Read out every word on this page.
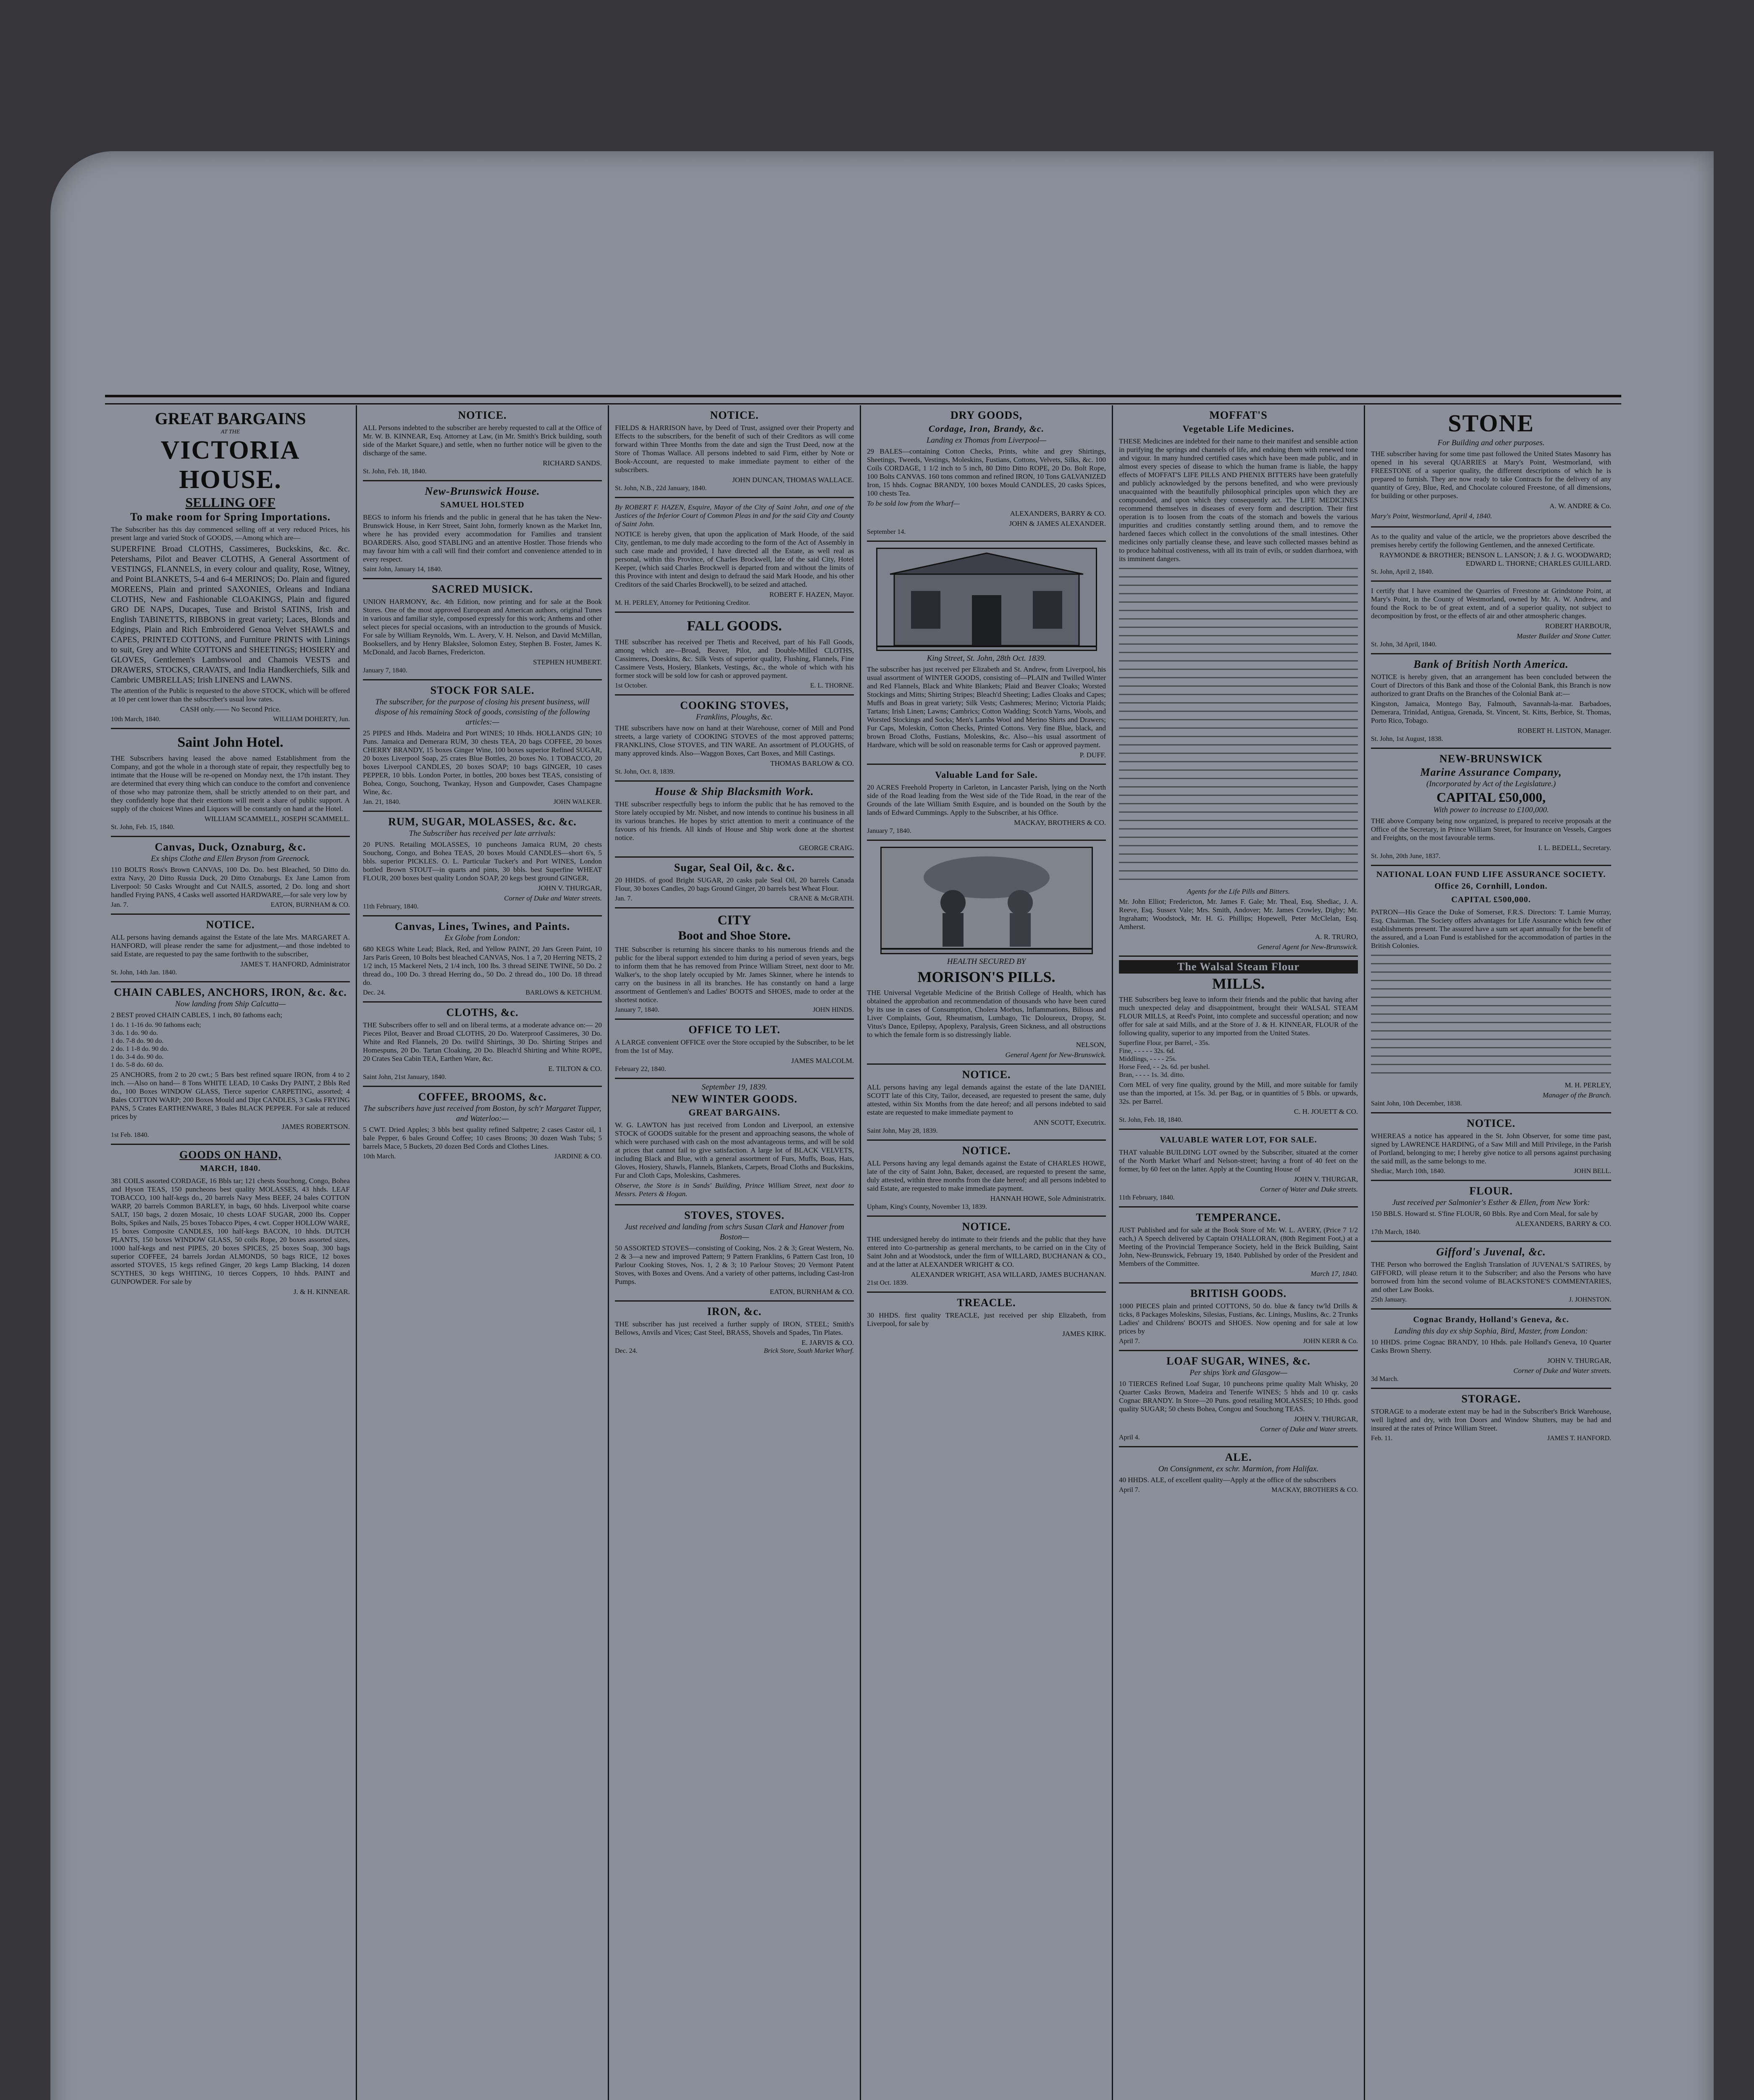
GREAT BARGAINS
AT THE
VICTORIA HOUSE.
SELLING OFF
To make room for Spring Importations.
The Subscriber has this day commenced selling off at very reduced Prices, his present large and varied Stock of GOODS, —Among which are—
SUPERFINE Broad CLOTHS, Cassimeres, Buckskins, &c. &c. Petershams, Pilot and Beaver CLOTHS, A General Assortment of VESTINGS, FLANNELS, in every colour and quality, Rose, Witney, and Point BLANKETS, 5-4 and 6-4 MERINOS; Do. Plain and figured MOREENS, Plain and printed SAXONIES, Orleans and Indiana CLOTHS, New and Fashionable CLOAKINGS, Plain and figured GRO DE NAPS, Ducapes, Tuse and Bristol SATINS, Irish and English TABINETTS, RIBBONS in great variety; Laces, Blonds and Edgings, Plain and Rich Embroidered Genoa Velvet SHAWLS and CAPES, PRINTED COTTONS, and Furniture PRINTS with Linings to suit, Grey and White COTTONS and SHEETINGS; HOSIERY and GLOVES, Gentlemen's Lambswool and Chamois VESTS and DRAWERS, STOCKS, CRAVATS, and India Handkerchiefs, Silk and Cambric UMBRELLAS; Irish LINENS and LAWNS.
The attention of the Public is requested to the above STOCK, which will be offered at 10 per cent lower than the subscriber's usual low rates.
CASH only.—— No Second Price.
10th March, 1840.	WILLIAM DOHERTY, Jun.
Saint John Hotel.
THE Subscribers having leased the above named Establishment from the Company, and got the whole in a thorough state of repair, they respectfully beg to intimate that the House will be re-opened on Monday next, the 17th instant. They are determined that every thing which can conduce to the comfort and convenience of those who may patronize them, shall be strictly attended to on their part, and they confidently hope that their exertions will merit a share of public support. A supply of the choicest Wines and Liquors will be constantly on hand at the Hotel.
WILLIAM SCAMMELL, JOSEPH SCAMMELL.
St. John, Feb. 15, 1840.
Canvas, Duck, Oznaburg, &c.
Ex ships Clothe and Ellen Bryson from Greenock.
110 BOLTS Ross's Brown CANVAS, 100 Do. Do. best Bleached, 50 Ditto do. extra Navy, 20 Ditto Russia Duck, 20 Ditto Oznaburgs. Ex Jane Lamon from Liverpool: 50 Casks Wrought and Cut NAILS, assorted, 2 Do. long and short handled Frying PANS, 4 Casks well assorted HARDWARE,—for sale very low by
Jan. 7.	EATON, BURNHAM & CO.
NOTICE.
ALL persons having demands against the Estate of the late Mrs. MARGARET A. HANFORD, will please render the same for adjustment,—and those indebted to said Estate, are requested to pay the same forthwith to the subscriber,
JAMES T. HANFORD, Administrator
St. John, 14th Jan. 1840.
CHAIN CABLES, ANCHORS, IRON, &c. &c.
Now landing from Ship Calcutta—
2 BEST proved CHAIN CABLES, 1 inch, 80 fathoms each;
1 do. 1 1-16 do. 90 fathoms each;
3 do. 1 do. 90 do.
1 do. 7-8 do. 90 do.
2 do. 1 1-8 do. 90 do.
1 do. 3-4 do. 90 do.
1 do. 5-8 do. 60 do.
25 ANCHORS, from 2 to 20 cwt.; 5 Bars best refined square IRON, from 4 to 2 inch. —Also on hand— 8 Tons WHITE LEAD, 10 Casks Dry PAINT, 2 Bbls Red do., 100 Boxes WINDOW GLASS, Tierce superior CARPETING, assorted; 4 Bales COTTON WARP; 200 Boxes Mould and Dipt CANDLES, 3 Casks FRYING PANS, 5 Crates EARTHENWARE, 3 Bales BLACK PEPPER. For sale at reduced prices by
JAMES ROBERTSON.
1st Feb. 1840.
GOODS ON HAND,
MARCH, 1840.
381 COILS assorted CORDAGE, 16 Bbls tar; 121 chests Souchong, Congo, Bohea and Hyson TEAS, 150 puncheons best quality MOLASSES, 43 hhds. LEAF TOBACCO, 100 half-kegs do., 20 barrels Navy Mess BEEF, 24 bales COTTON WARP, 20 barrels Common BARLEY, in bags, 60 hhds. Liverpool white coarse SALT, 150 bags, 2 dozen Mosaic, 10 chests LOAF SUGAR, 2000 lbs. Copper Bolts, Spikes and Nails, 25 boxes Tobacco Pipes, 4 cwt. Copper HOLLOW WARE, 15 boxes Composite CANDLES, 100 half-kegs BACON, 10 hhds. DUTCH PLANTS, 150 boxes WINDOW GLASS, 50 coils Rope, 20 boxes assorted sizes, 1000 half-kegs and nest PIPES, 20 boxes SPICES, 25 boxes Soap, 300 bags superior COFFEE, 24 barrels Jordan ALMONDS, 50 bags RICE, 12 boxes assorted STOVES, 15 kegs refined Ginger, 20 kegs Lamp Blacking, 14 dozen SCYTHES, 30 kegs WHITING, 10 tierces Coppers, 10 hhds. PAINT and GUNPOWDER. For sale by
J. & H. KINNEAR.
NOTICE.
ALL Persons indebted to the subscriber are hereby requested to call at the Office of Mr. W. B. KINNEAR, Esq. Attorney at Law, (in Mr. Smith's Brick building, south side of the Market Square,) and settle, when no further notice will be given to the discharge of the same.
RICHARD SANDS.
St. John, Feb. 18, 1840.
New-Brunswick House.
SAMUEL HOLSTED
BEGS to inform his friends and the public in general that he has taken the New-Brunswick House, in Kerr Street, Saint John, formerly known as the Market Inn, where he has provided every accommodation for Families and transient BOARDERS. Also, good STABLING and an attentive Hostler. Those friends who may favour him with a call will find their comfort and convenience attended to in every respect.
Saint John, January 14, 1840.
SACRED MUSICK.
UNION HARMONY, &c. 4th Edition, now printing and for sale at the Book Stores. One of the most approved European and American authors, original Tunes in various and familiar style, composed expressly for this work; Anthems and other select pieces for special occasions, with an introduction to the grounds of Musick. For sale by William Reynolds, Wm. L. Avery, V. H. Nelson, and David McMillan, Booksellers, and by Henry Blakslee, Solomon Estey, Stephen B. Foster, James K. McDonald, and Jacob Barnes, Fredericton.
STEPHEN HUMBERT.
January 7, 1840.
STOCK FOR SALE.
The subscriber, for the purpose of closing his present business, will dispose of his remaining Stock of goods, consisting of the following articles:—
25 PIPES and Hhds. Madeira and Port WINES; 10 Hhds. HOLLANDS GIN; 10 Puns. Jamaica and Demerara RUM, 30 chests TEA, 20 bags COFFEE, 20 boxes CHERRY BRANDY, 15 boxes Ginger Wine, 100 boxes superior Refined SUGAR, 20 boxes Liverpool Soap, 25 crates Blue Bottles, 20 boxes No. 1 TOBACCO, 20 boxes Liverpool CANDLES, 20 boxes SOAP; 10 bags GINGER, 10 cases PEPPER, 10 bbls. London Porter, in bottles, 200 boxes best TEAS, consisting of Bohea, Congo, Souchong, Twankay, Hyson and Gunpowder, Cases Champagne Wine, &c.
Jan. 21, 1840.	JOHN WALKER.
RUM, SUGAR, MOLASSES, &c. &c.
The Subscriber has received per late arrivals:
20 PUNS. Retailing MOLASSES, 10 puncheons Jamaica RUM, 20 chests Souchong, Congo, and Bohea TEAS, 20 boxes Mould CANDLES—short 6's, 5 bbls. superior PICKLES. O. L. Particular Tucker's and Port WINES, London bottled Brown STOUT—in quarts and pints, 30 bbls. best Superfine WHEAT FLOUR, 200 boxes best quality London SOAP, 20 kegs best ground GINGER,
JOHN V. THURGAR,
Corner of Duke and Water streets.
11th February, 1840.
Canvas, Lines, Twines, and Paints.
Ex Globe from London:
680 KEGS White Lead; Black, Red, and Yellow PAINT, 20 Jars Green Paint, 10 Jars Paris Green, 10 Bolts best bleached CANVAS, Nos. 1 a 7, 20 Herring NETS, 2 1/2 inch, 15 Mackerel Nets, 2 1/4 inch, 100 lbs. 3 thread SEINE TWINE, 50 Do. 2 thread do., 100 Do. 3 thread Herring do., 50 Do. 2 thread do., 100 Do. 18 thread do.
Dec. 24.	BARLOWS & KETCHUM.
CLOTHS, &c.
THE Subscribers offer to sell and on liberal terms, at a moderate advance on:— 20 Pieces Pilot, Beaver and Broad CLOTHS, 20 Do. Waterproof Cassimeres, 30 Do. White and Red Flannels, 20 Do. twill'd Shirtings, 30 Do. Shirting Stripes and Homespuns, 20 Do. Tartan Cloaking, 20 Do. Bleach'd Shirting and White ROPE, 20 Crates Sea Cabin TEA, Earthen Ware, &c.
E. TILTON & CO.
Saint John, 21st January, 1840.
COFFEE, BROOMS, &c.
The subscribers have just received from Boston, by sch'r Margaret Tupper, and Waterloo:—
5 CWT. Dried Apples; 3 bbls best quality refined Saltpetre; 2 cases Castor oil, 1 bale Pepper, 6 bales Ground Coffee; 10 cases Broons; 30 dozen Wash Tubs; 5 barrels Mace, 5 Buckets, 20 dozen Bed Cords and Clothes Lines.
10th March.	JARDINE & CO.
NOTICE.
FIELDS & HARRISON have, by Deed of Trust, assigned over their Property and Effects to the subscribers, for the benefit of such of their Creditors as will come forward within Three Months from the date and sign the Trust Deed, now at the Store of Thomas Wallace. All persons indebted to said Firm, either by Note or Book-Account, are requested to make immediate payment to either of the subscribers.
JOHN DUNCAN, THOMAS WALLACE.
St. John, N.B., 22d January, 1840.
By ROBERT F. HAZEN, Esquire, Mayor of the City of Saint John, and one of the Justices of the Inferior Court of Common Pleas in and for the said City and County of Saint John.
NOTICE is hereby given, that upon the application of Mark Hoode, of the said City, gentleman, to me duly made according to the form of the Act of Assembly in such case made and provided, I have directed all the Estate, as well real as personal, within this Province, of Charles Brockwell, late of the said City, Hotel Keeper, (which said Charles Brockwell is departed from and without the limits of this Province with intent and design to defraud the said Mark Hoode, and his other Creditors of the said Charles Brockwell), to be seized and attached.
ROBERT F. HAZEN, Mayor.
M. H. PERLEY, Attorney for Petitioning Creditor.
FALL GOODS.
THE subscriber has received per Thetis and Received, part of his Fall Goods, among which are—Broad, Beaver, Pilot, and Double-Milled CLOTHS, Cassimeres, Doeskins, &c. Silk Vests of superior quality, Flushing, Flannels, Fine Cassimere Vests, Hosiery, Blankets, Vestings, &c., the whole of which with his former stock will be sold low for cash or approved payment.
1st October.	E. L. THORNE.
COOKING STOVES,
Franklins, Ploughs, &c.
THE subscribers have now on hand at their Warehouse, corner of Mill and Pond streets, a large variety of COOKING STOVES of the most approved patterns; FRANKLINS, Close STOVES, and TIN WARE. An assortment of PLOUGHS, of many approved kinds. Also—Waggon Boxes, Cart Boxes, and Mill Castings.
THOMAS BARLOW & CO.
St. John, Oct. 8, 1839.
House & Ship Blacksmith Work.
THE subscriber respectfully begs to inform the public that he has removed to the Store lately occupied by Mr. Nisbet, and now intends to continue his business in all its various branches. He hopes by strict attention to merit a continuance of the favours of his friends. All kinds of House and Ship work done at the shortest notice.
GEORGE CRAIG.
Sugar, Seal Oil, &c. &c.
20 HHDS. of good Bright SUGAR, 20 casks pale Seal Oil, 20 barrels Canada Flour, 30 boxes Candles, 20 bags Ground Ginger, 20 barrels best Wheat Flour.
Jan. 7.	CRANE & McGRATH.
CITY
Boot and Shoe Store.
THE Subscriber is returning his sincere thanks to his numerous friends and the public for the liberal support extended to him during a period of seven years, begs to inform them that he has removed from Prince William Street, next door to Mr. Walker's, to the shop lately occupied by Mr. James Skinner, where he intends to carry on the business in all its branches. He has constantly on hand a large assortment of Gentlemen's and Ladies' BOOTS and SHOES, made to order at the shortest notice.
January 7, 1840.	JOHN HINDS.
OFFICE TO LET.
A LARGE convenient OFFICE over the Store occupied by the Subscriber, to be let from the 1st of May.
JAMES MALCOLM.
February 22, 1840.
September 19, 1839.
NEW WINTER GOODS.
GREAT BARGAINS.
W. G. LAWTON has just received from London and Liverpool, an extensive STOCK of GOODS suitable for the present and approaching seasons, the whole of which were purchased with cash on the most advantageous terms, and will be sold at prices that cannot fail to give satisfaction. A large lot of BLACK VELVETS, including Black and Blue, with a general assortment of Furs, Muffs, Boas, Hats, Gloves, Hosiery, Shawls, Flannels, Blankets, Carpets, Broad Cloths and Buckskins, Fur and Cloth Caps, Moleskins, Cashmeres.
Observe, the Store is in Sands' Building, Prince William Street, next door to Messrs. Peters & Hogan.
STOVES, STOVES.
Just received and landing from schrs Susan Clark and Hanover from Boston—
50 ASSORTED STOVES—consisting of Cooking, Nos. 2 & 3; Great Western, No. 2 & 3—a new and improved Pattern; 9 Pattern Franklins, 6 Pattern Cast Iron, 10 Parlour Cooking Stoves, Nos. 1, 2 & 3; 10 Parlour Stoves; 20 Vermont Patent Stoves, with Boxes and Ovens. And a variety of other patterns, including Cast-Iron Pumps.
EATON, BURNHAM & CO.
IRON, &c.
THE subscriber has just received a further supply of IRON, STEEL; Smith's Bellows, Anvils and Vices; Cast Steel, BRASS, Shovels and Spades, Tin Plates.
E. JARVIS & CO.
Dec. 24.	Brick Store, South Market Wharf.
DRY GOODS,
Cordage, Iron, Brandy, &c.
Landing ex Thomas from Liverpool—
29 BALES—containing Cotton Checks, Prints, white and grey Shirtings, Sheetings, Tweeds, Vestings, Moleskins, Fustians, Cottons, Velvets, Silks, &c. 100 Coils CORDAGE, 1 1/2 inch to 5 inch, 80 Ditto Ditto ROPE, 20 Do. Bolt Rope, 100 Bolts CANVAS. 160 tons common and refined IRON, 10 Tons GALVANIZED Iron, 15 hhds. Cognac BRANDY, 100 boxes Mould CANDLES, 20 casks Spices, 100 chests Tea.
To be sold low from the Wharf—
ALEXANDERS, BARRY & CO.
JOHN & JAMES ALEXANDER.
September 14.
King Street, St. John, 28th Oct. 1839.
The subscriber has just received per Elizabeth and St. Andrew, from Liverpool, his usual assortment of WINTER GOODS, consisting of—PLAIN and Twilled Winter and Red Flannels, Black and White Blankets; Plaid and Beaver Cloaks; Worsted Stockings and Mitts; Shirting Stripes; Bleach'd Sheeting; Ladies Cloaks and Capes; Muffs and Boas in great variety; Silk Vests; Cashmeres; Merino; Victoria Plaids; Tartans; Irish Linen; Lawns; Cambrics; Cotton Wadding; Scotch Yarns, Wools, and Worsted Stockings and Socks; Men's Lambs Wool and Merino Shirts and Drawers; Fur Caps, Moleskin, Cotton Checks, Printed Cottons. Very fine Blue, black, and brown Broad Cloths, Fustians, Moleskins, &c. Also—his usual assortment of Hardware, which will be sold on reasonable terms for Cash or approved payment.
P. DUFF.
Valuable Land for Sale.
20 ACRES Freehold Property in Carleton, in Lancaster Parish, lying on the North side of the Road leading from the West side of the Tide Road, in the rear of the Grounds of the late William Smith Esquire, and is bounded on the South by the lands of Edward Cummings. Apply to the Subscriber, at his Office.
MACKAY, BROTHERS & CO.
January 7, 1840.
HEALTH SECURED BY
MORISON'S PILLS.
THE Universal Vegetable Medicine of the British College of Health, which has obtained the approbation and recommendation of thousands who have been cured by its use in cases of Consumption, Cholera Morbus, Inflammations, Bilious and Liver Complaints, Gout, Rheumatism, Lumbago, Tic Doloureux, Dropsy, St. Vitus's Dance, Epilepsy, Apoplexy, Paralysis, Green Sickness, and all obstructions to which the female form is so distressingly liable.
NELSON,
General Agent for New-Brunswick.
NOTICE.
ALL persons having any legal demands against the estate of the late DANIEL SCOTT late of this City, Tailor, deceased, are requested to present the same, duly attested, within Six Months from the date hereof; and all persons indebted to said estate are requested to make immediate payment to
ANN SCOTT, Executrix.
Saint John, May 28, 1839.
NOTICE.
ALL Persons having any legal demands against the Estate of CHARLES HOWE, late of the city of Saint John, Baker, deceased, are requested to present the same, duly attested, within three months from the date hereof; and all persons indebted to said Estate, are requested to make immediate payment.
HANNAH HOWE, Sole Administratrix.
Upham, King's County, November 13, 1839.
NOTICE.
THE undersigned hereby do intimate to their friends and the public that they have entered into Co-partnership as general merchants, to be carried on in the City of Saint John and at Woodstock, under the firm of WILLARD, BUCHANAN & CO., and at the latter at ALEXANDER WRIGHT & CO.
ALEXANDER WRIGHT, ASA WILLARD, JAMES BUCHANAN.
21st Oct. 1839.
TREACLE.
30 HHDS. first quality TREACLE, just received per ship Elizabeth, from Liverpool, for sale by
JAMES KIRK.
MOFFAT'S
Vegetable Life Medicines.
THESE Medicines are indebted for their name to their manifest and sensible action in purifying the springs and channels of life, and enduing them with renewed tone and vigour. In many hundred certified cases which have been made public, and in almost every species of disease to which the human frame is liable, the happy effects of MOFFAT'S LIFE PILLS AND PHENIX BITTERS have been gratefully and publicly acknowledged by the persons benefited, and who were previously unacquainted with the beautifully philosophical principles upon which they are compounded, and upon which they consequently act. The LIFE MEDICINES recommend themselves in diseases of every form and description. Their first operation is to loosen from the coats of the stomach and bowels the various impurities and crudities constantly settling around them, and to remove the hardened faeces which collect in the convolutions of the small intestines. Other medicines only partially cleanse these, and leave such collected masses behind as to produce habitual costiveness, with all its train of evils, or sudden diarrhoea, with its imminent dangers.
Agents for the Life Pills and Bitters.
Mr. John Elliot; Fredericton, Mr. James F. Gale; Mr. Theal, Esq. Shediac, J. A. Reeve, Esq. Sussex Vale; Mrs. Smith, Andover; Mr. James Crowley, Digby; Mr. Ingraham; Woodstock, Mr. H. G. Phillips; Hopewell, Peter McClelan, Esq. Amherst.
A. R. TRURO,
General Agent for New-Brunswick.
The Walsal Steam Flour
MILLS.
THE Subscribers beg leave to inform their friends and the public that having after much unexpected delay and disappointment, brought their WALSAL STEAM FLOUR MILLS, at Reed's Point, into complete and successful operation; and now offer for sale at said Mills, and at the Store of J. & H. KINNEAR, FLOUR of the following quality, superior to any imported from the United States.
Superfine Flour, per Barrel, - 35s.
Fine, - - - - - 32s. 6d.
Middlings, - - - - 25s.
Horse Feed, - - 2s. 6d. per bushel.
Bran, - - - - 1s. 3d. ditto.
Corn MEL of very fine quality, ground by the Mill, and more suitable for family use than the imported, at 15s. 3d. per Bag, or in quantities of 5 Bbls. or upwards, 32s. per Barrel.
C. H. JOUETT & CO.
St. John, Feb. 18, 1840.
VALUABLE WATER LOT, FOR SALE.
THAT valuable BUILDING LOT owned by the Subscriber, situated at the corner of the North Market Wharf and Nelson-street; having a front of 40 feet on the former, by 60 feet on the latter. Apply at the Counting House of
JOHN V. THURGAR,
Corner of Water and Duke streets.
11th February, 1840.
TEMPERANCE.
JUST Published and for sale at the Book Store of Mr. W. L. AVERY, (Price 7 1/2 each,) A Speech delivered by Captain O'HALLORAN, (80th Regiment Foot,) at a Meeting of the Provincial Temperance Society, held in the Brick Building, Saint John, New-Brunswick, February 19, 1840. Published by order of the President and Members of the Committee.
March 17, 1840.
BRITISH GOODS.
1000 PIECES plain and printed COTTONS, 50 do. blue & fancy tw'ld Drills & ticks, 8 Packages Moleskins, Silesias, Fustians, &c. Linings, Muslins, &c. 2 Trunks Ladies' and Childrens' BOOTS and SHOES. Now opening and for sale at low prices by
April 7.	JOHN KERR & Co.
LOAF SUGAR, WINES, &c.
Per ships York and Glasgow—
10 TIERCES Refined Loaf Sugar, 10 puncheons prime quality Malt Whisky, 20 Quarter Casks Brown, Madeira and Tenerife WINES; 5 hhds and 10 qr. casks Cognac BRANDY. In Store—20 Puns. good retailing MOLASSES; 10 Hhds. good quality SUGAR; 50 chests Bohea, Congou and Souchong TEAS.
JOHN V. THURGAR,
Corner of Duke and Water streets.
April 4.
ALE.
On Consignment, ex schr. Marmion, from Halifax.
40 HHDS. ALE, of excellent quality—Apply at the office of the subscribers
April 7.	MACKAY, BROTHERS & CO.
STONE
For Building and other purposes.
THE subscriber having for some time past followed the United States Masonry has opened in his several QUARRIES at Mary's Point, Westmorland, with FREESTONE of a superior quality, the different descriptions of which he is prepared to furnish. They are now ready to take Contracts for the delivery of any quantity of Grey, Blue, Red, and Chocolate coloured Freestone, of all dimensions, for building or other purposes.
A. W. ANDRE & Co.
Mary's Point, Westmorland, April 4, 1840.
As to the quality and value of the article, we the proprietors above described the premises hereby certify the following Gentlemen, and the annexed Certificate.
RAYMONDE & BROTHER; BENSON L. LANSON; J. & J. G. WOODWARD; EDWARD L. THORNE; CHARLES GUILLARD.
St. John, April 2, 1840.
I certify that I have examined the Quarries of Freestone at Grindstone Point, at Mary's Point, in the County of Westmorland, owned by Mr. A. W. Andrew, and found the Rock to be of great extent, and of a superior quality, not subject to decomposition by frost, or the effects of air and other atmospheric changes.
ROBERT HARBOUR,
Master Builder and Stone Cutter.
St. John, 3d April, 1840.
Bank of British North America.
NOTICE is hereby given, that an arrangement has been concluded between the Court of Directors of this Bank and those of the Colonial Bank, this Branch is now authorized to grant Drafts on the Branches of the Colonial Bank at:—
Kingston, Jamaica, Montego Bay, Falmouth, Savannah-la-mar. Barbadoes, Demerara, Trinidad, Antigua, Grenada, St. Vincent, St. Kitts, Berbice, St. Thomas, Porto Rico, Tobago.
ROBERT H. LISTON, Manager.
St. John, 1st August, 1838.
NEW-BRUNSWICK
Marine Assurance Company,
(Incorporated by Act of the Legislature.)
CAPITAL £50,000,
With power to increase to £100,000.
THE above Company being now organized, is prepared to receive proposals at the Office of the Secretary, in Prince William Street, for Insurance on Vessels, Cargoes and Freights, on the most favourable terms.
I. L. BEDELL, Secretary.
St. John, 20th June, 1837.
NATIONAL LOAN FUND LIFE ASSURANCE SOCIETY.
Office 26, Cornhill, London.
CAPITAL £500,000.
PATRON—His Grace the Duke of Somerset, F.R.S. Directors: T. Lamie Murray, Esq. Chairman. The Society offers advantages for Life Assurance which few other establishments present. The assured have a sum set apart annually for the benefit of the assured, and a Loan Fund is established for the accommodation of parties in the British Colonies.
M. H. PERLEY,
Manager of the Branch.
Saint John, 10th December, 1838.
NOTICE.
WHEREAS a notice has appeared in the St. John Observer, for some time past, signed by LAWRENCE HARDING, of a Saw Mill and Mill Privilege, in the Parish of Portland, belonging to me; I hereby give notice to all persons against purchasing the said mill, as the same belongs to me.
Shediac, March 10th, 1840.	JOHN BELL.
FLOUR.
Just received per Salmonier's Esther & Ellen, from New York:
150 BBLS. Howard st. S'fine FLOUR, 60 Bbls. Rye and Corn Meal, for sale by
ALEXANDERS, BARRY & CO.
17th March, 1840.
Gifford's Juvenal, &c.
THE Person who borrowed the English Translation of JUVENAL'S SATIRES, by GIFFORD, will please return it to the Subscriber; and also the Persons who have borrowed from him the second volume of BLACKSTONE'S COMMENTARIES, and other Law Books.
25th January.	J. JOHNSTON.
Cognac Brandy, Holland's Geneva, &c.
Landing this day ex ship Sophia, Bird, Master, from London:
10 HHDS. prime Cognac BRANDY, 10 Hhds. pale Holland's Geneva, 10 Quarter Casks Brown Sherry.
JOHN V. THURGAR,
Corner of Duke and Water streets.
3d March.
STORAGE.
STORAGE to a moderate extent may be had in the Subscriber's Brick Warehouse, well lighted and dry, with Iron Doors and Window Shutters, may be had and insured at the rates of Prince William Street.
Feb. 11.	JAMES T. HANFORD.
